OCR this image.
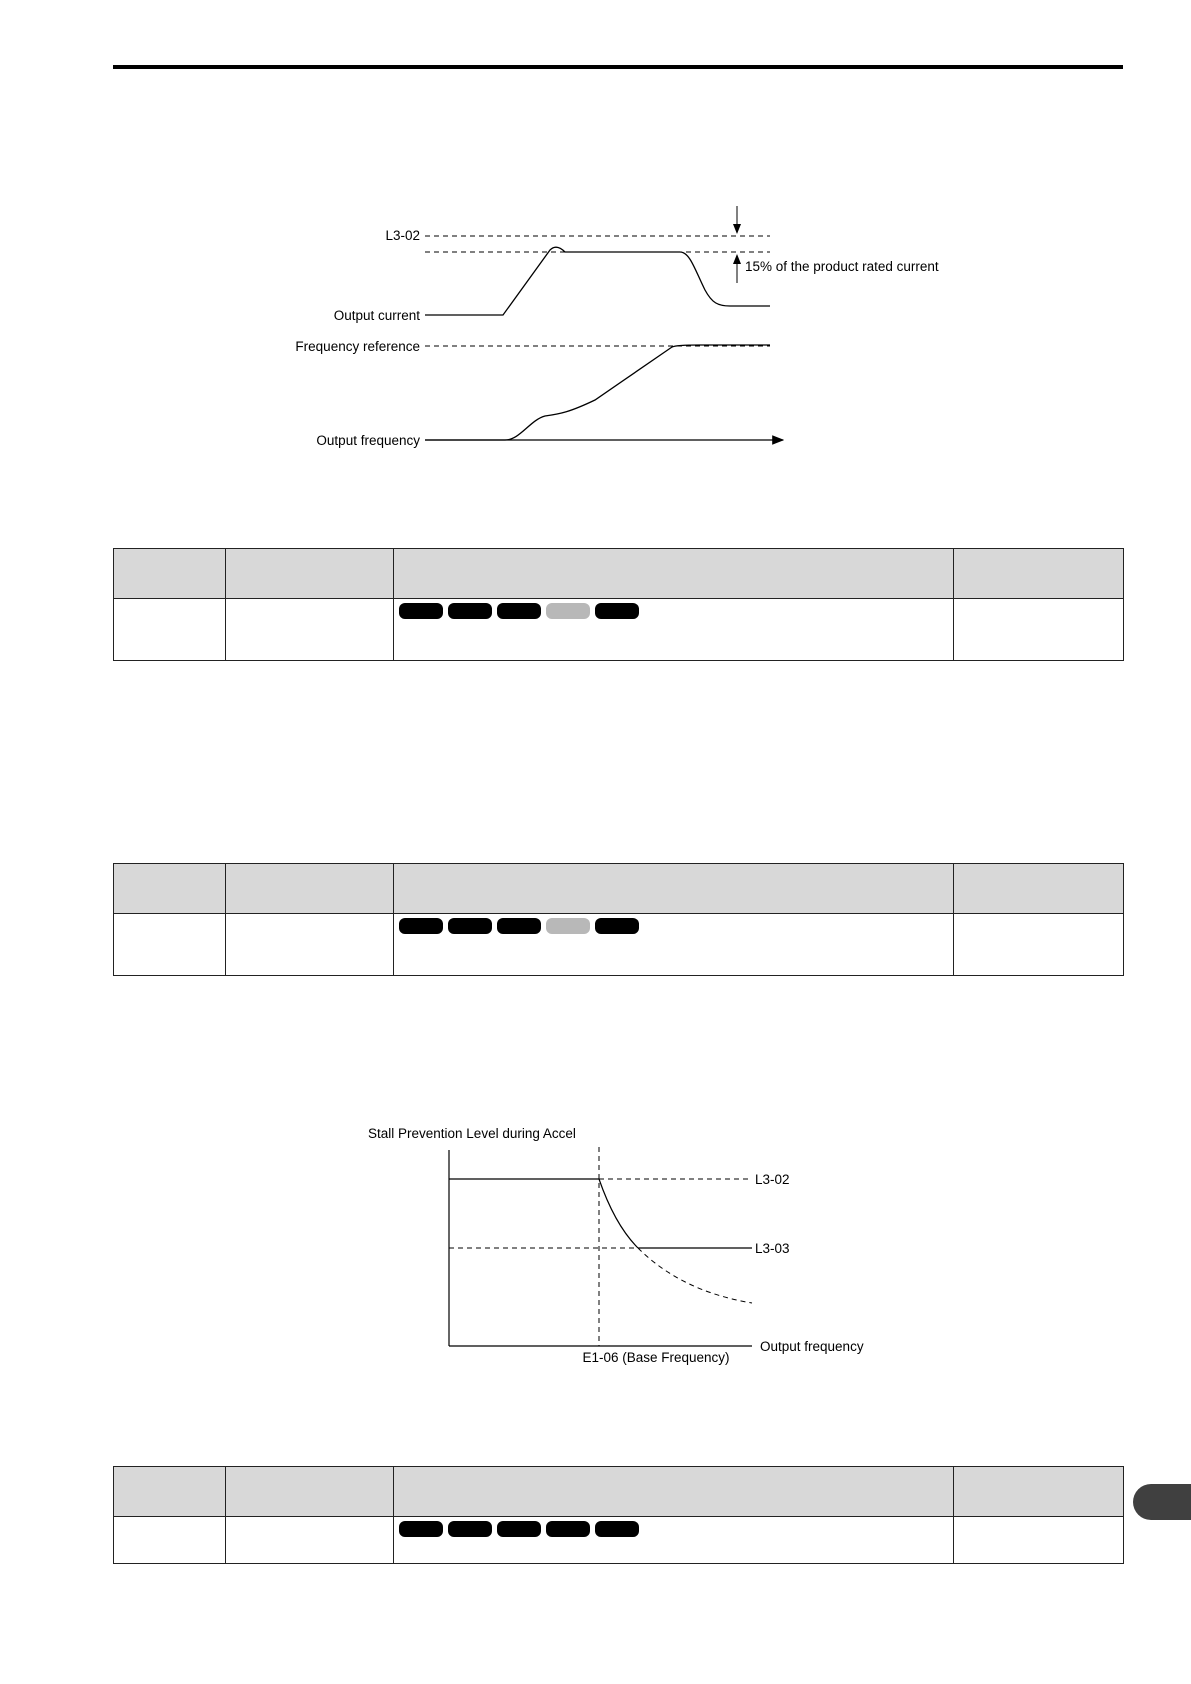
L3-02
15% of the product rated current
Output current
Frequency reference
Output frequency

Stall Prevention Level during Accel
L3-02
L3-03
Output frequency
E1-06 (Base Frequency)
